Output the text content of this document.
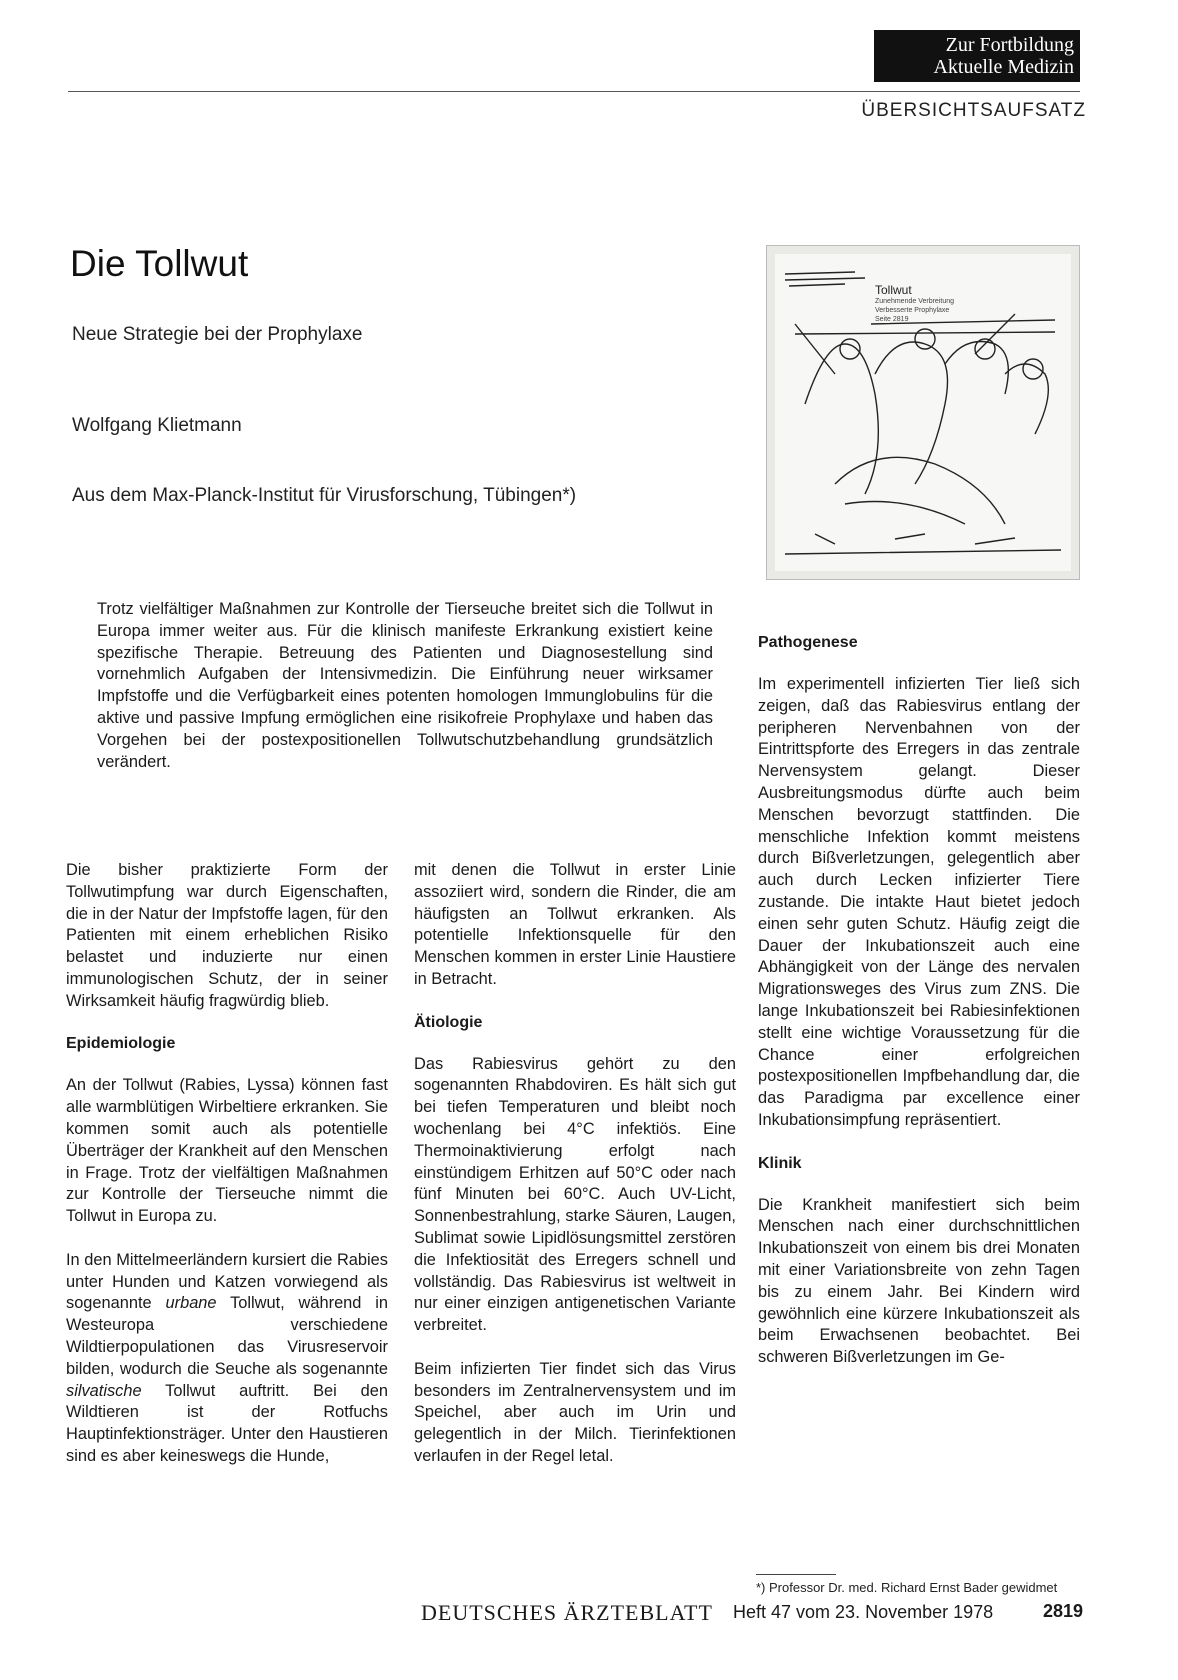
Zur Fortbildung
Aktuelle Medizin
ÜBERSICHTSAUFSATZ
Die Tollwut
Neue Strategie bei der Prophylaxe
Wolfgang Klietmann
Aus dem Max-Planck-Institut für Virusforschung, Tübingen*)
Tollwut
Zunehmende Verbreitung
Verbesserte Prophylaxe
Seite 2819
Trotz vielfältiger Maßnahmen zur Kontrolle der Tierseuche breitet sich die Tollwut in Europa immer weiter aus. Für die klinisch manifeste Erkrankung existiert keine spezifische Therapie. Betreuung des Patienten und Diagnosestellung sind vornehmlich Aufgaben der Intensivmedizin. Die Einführung neuer wirksamer Impfstoffe und die Verfügbarkeit eines potenten homologen Immunglobulins für die aktive und passive Impfung ermöglichen eine risikofreie Prophylaxe und haben das Vorgehen bei der postexpositionellen Tollwutschutzbehandlung grundsätzlich verändert.

Die bisher praktizierte Form der Tollwutimpfung war durch Eigenschaften, die in der Natur der Impfstoffe lagen, für den Patienten mit einem erheblichen Risiko belastet und induzierte nur einen immunologischen Schutz, der in seiner Wirksamkeit häufig fragwürdig blieb.

Epidemiologie

An der Tollwut (Rabies, Lyssa) können fast alle warmblütigen Wirbeltiere erkranken. Sie kommen somit auch als potentielle Überträger der Krankheit auf den Menschen in Frage. Trotz der vielfältigen Maßnahmen zur Kontrolle der Tierseuche nimmt die Tollwut in Europa zu.

In den Mittelmeerländern kursiert die Rabies unter Hunden und Katzen vorwiegend als sogenannte urbane Tollwut, während in Westeuropa verschiedene Wildtierpopulationen das Virusreservoir bilden, wodurch die Seuche als sogenannte silvatische Tollwut auftritt. Bei den Wildtieren ist der Rotfuchs Hauptinfektionsträger. Unter den Haustieren sind es aber keineswegs die Hunde,

mit denen die Tollwut in erster Linie assoziiert wird, sondern die Rinder, die am häufigsten an Tollwut erkranken. Als potentielle Infektionsquelle für den Menschen kommen in erster Linie Haustiere in Betracht.

Ätiologie

Das Rabiesvirus gehört zu den sogenannten Rhabdoviren. Es hält sich gut bei tiefen Temperaturen und bleibt noch wochenlang bei 4°C infektiös. Eine Thermoinaktivierung erfolgt nach einstündigem Erhitzen auf 50°C oder nach fünf Minuten bei 60°C. Auch UV-Licht, Sonnenbestrahlung, starke Säuren, Laugen, Sublimat sowie Lipidlösungsmittel zerstören die Infektiosität des Erregers schnell und vollständig. Das Rabiesvirus ist weltweit in nur einer einzigen antigenetischen Variante verbreitet.

Beim infizierten Tier findet sich das Virus besonders im Zentralnervensystem und im Speichel, aber auch im Urin und gelegentlich in der Milch. Tierinfektionen verlaufen in der Regel letal.

Pathogenese

Im experimentell infizierten Tier ließ sich zeigen, daß das Rabiesvirus entlang der peripheren Nervenbahnen von der Eintrittspforte des Erregers in das zentrale Nervensystem gelangt. Dieser Ausbreitungsmodus dürfte auch beim Menschen bevorzugt stattfinden. Die menschliche Infektion kommt meistens durch Bißverletzungen, gelegentlich aber auch durch Lecken infizierter Tiere zustande. Die intakte Haut bietet jedoch einen sehr guten Schutz. Häufig zeigt die Dauer der Inkubationszeit auch eine Abhängigkeit von der Länge des nervalen Migrationsweges des Virus zum ZNS. Die lange Inkubationszeit bei Rabiesinfektionen stellt eine wichtige Voraussetzung für die Chance einer erfolgreichen postexpositionellen Impfbehandlung dar, die das Paradigma par excellence einer Inkubationsimpfung repräsentiert.

Klinik

Die Krankheit manifestiert sich beim Menschen nach einer durchschnittlichen Inkubationszeit von einem bis drei Monaten mit einer Variationsbreite von zehn Tagen bis zu einem Jahr. Bei Kindern wird gewöhnlich eine kürzere Inkubationszeit als beim Erwachsenen beobachtet. Bei schweren Bißverletzungen im Ge-

*) Professor Dr. med. Richard Ernst Bader gewidmet
DEUTSCHES ÄRZTEBLATT Heft 47 vom 23. November 1978	2819
